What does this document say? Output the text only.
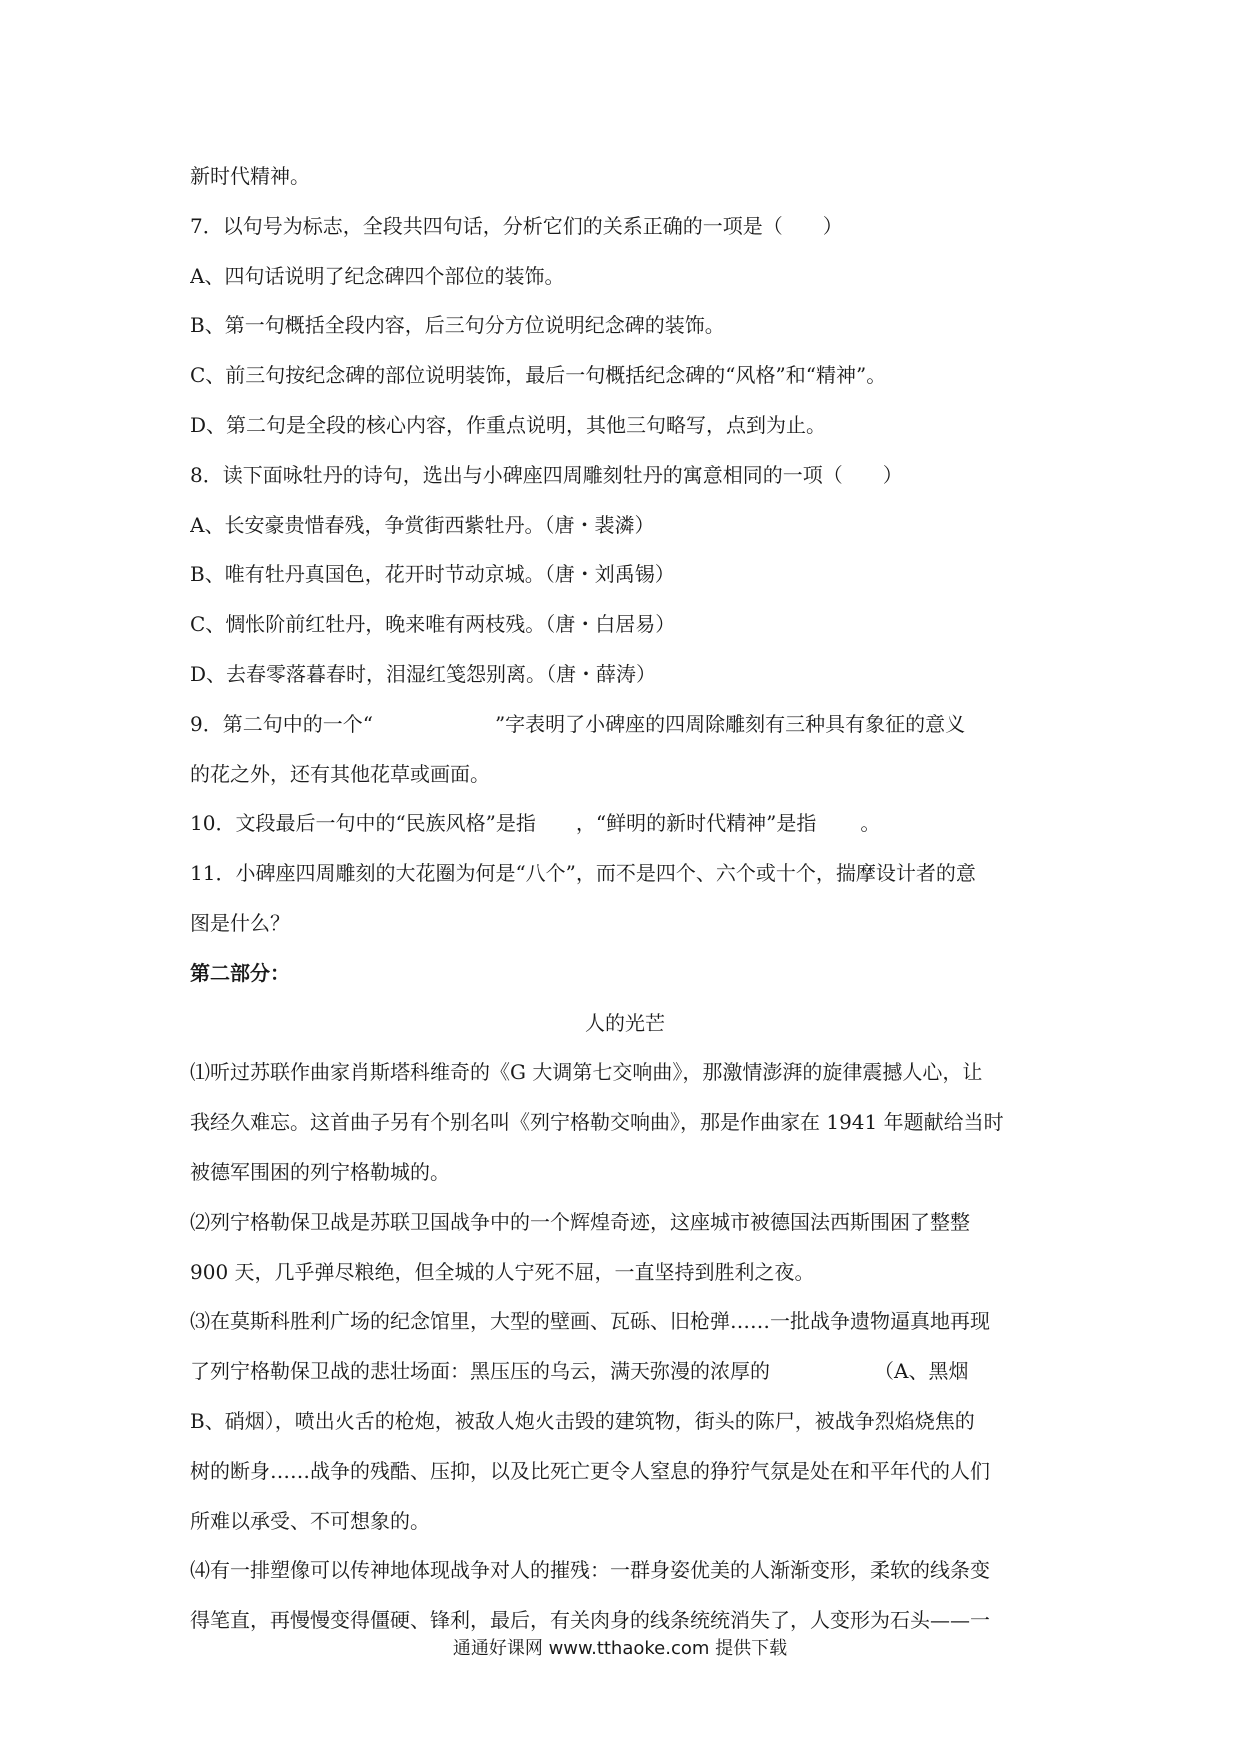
新时代精神。
7．以句号为标志，全段共四句话，分析它们的关系正确的一项是（　　）
A、四句话说明了纪念碑四个部位的装饰。
B、第一句概括全段内容，后三句分方位说明纪念碑的装饰。
C、前三句按纪念碑的部位说明装饰，最后一句概括纪念碑的“风格”和“精神”。
D、第二句是全段的核心内容，作重点说明，其他三句略写，点到为止。
8．读下面咏牡丹的诗句，选出与小碑座四周雕刻牡丹的寓意相同的一项（　　）
A、长安豪贵惜春残，争赏街西紫牡丹。（唐・裴潾）
B、唯有牡丹真国色，花开时节动京城。（唐・刘禹锡）
C、惆怅阶前红牡丹，晚来唯有两枝残。（唐・白居易）
D、去春零落暮春时，泪湿红笺怨别离。（唐・薛涛）
9．第二句中的一个“	”字表明了小碑座的四周除雕刻有三种具有象征的意义
的花之外，还有其他花草或画面。
10．文段最后一句中的“民族风格”是指 ，“鲜明的新时代精神”是指 。
11．小碑座四周雕刻的大花圈为何是“八个”，而不是四个、六个或十个，揣摩设计者的意
图是什么？
第二部分：
人的光芒
⑴听过苏联作曲家肖斯塔科维奇的《G 大调第七交响曲》，那激情澎湃的旋律震撼人心，让
我经久难忘。这首曲子另有个别名叫《列宁格勒交响曲》，那是作曲家在 1941 年题献给当时
被德军围困的列宁格勒城的。
⑵列宁格勒保卫战是苏联卫国战争中的一个辉煌奇迹，这座城市被德国法西斯围困了整整
900 天，几乎弹尽粮绝，但全城的人宁死不屈，一直坚持到胜利之夜。
⑶在莫斯科胜利广场的纪念馆里，大型的壁画、瓦砾、旧枪弹……一批战争遗物逼真地再现
了列宁格勒保卫战的悲壮场面：黑压压的乌云，满天弥漫的浓厚的	（A、黑烟
B、硝烟），喷出火舌的枪炮，被敌人炮火击毁的建筑物，街头的陈尸，被战争烈焰烧焦的
树的断身……战争的残酷、压抑，以及比死亡更令人窒息的狰狞气氛是处在和平年代的人们
所难以承受、不可想象的。
⑷有一排塑像可以传神地体现战争对人的摧残：一群身姿优美的人渐渐变形，柔软的线条变
得笔直，再慢慢变得僵硬、锋利，最后，有关肉身的线条统统消失了，人变形为石头——一
通通好课网 www.tthaoke.com 提供下载
